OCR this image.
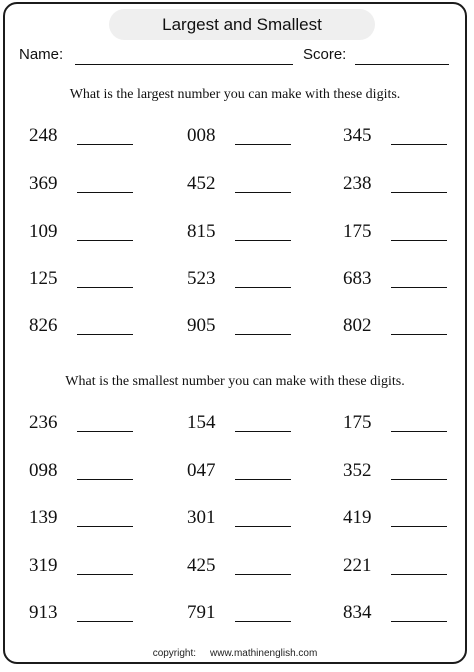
Largest and Smallest
Name:	Score:
What is the largest number you can make with these digits.
248	008	345
369	452	238
109	815	175
125	523	683
826	905	802
What is the smallest number you can make with these digits.
236	154	175
098	047	352
139	301	419
319	425	221
913	791	834
copyright: www.mathinenglish.com
